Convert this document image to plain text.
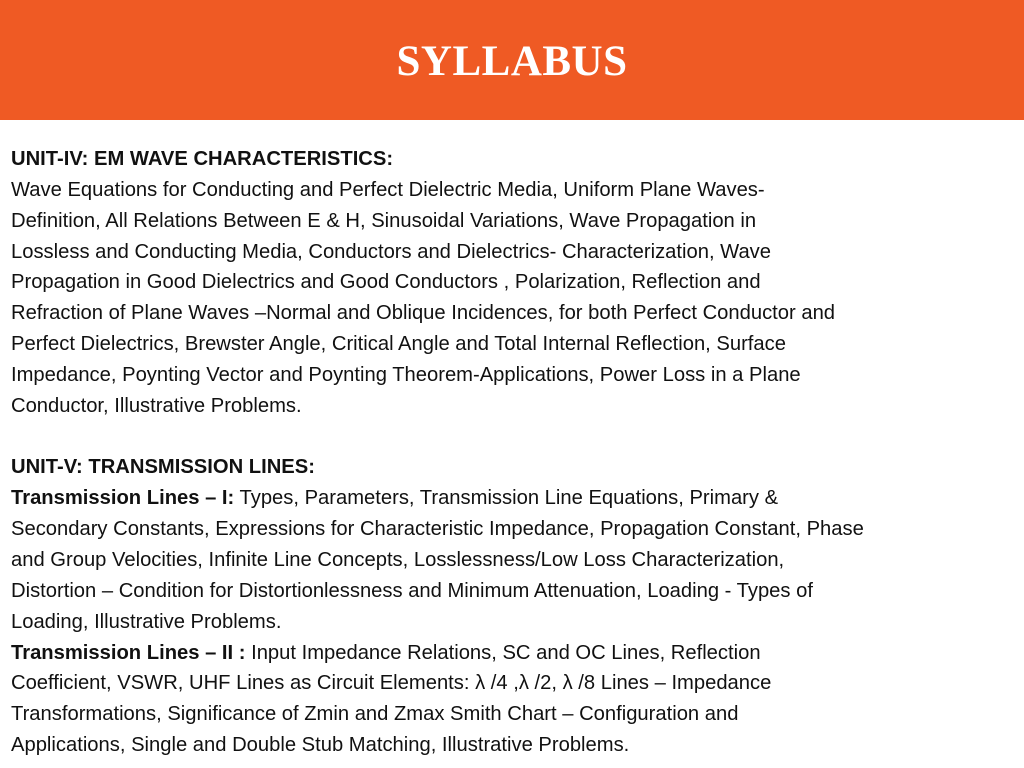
SYLLABUS
UNIT-IV: EM WAVE CHARACTERISTICS:
Wave Equations for Conducting and Perfect Dielectric Media, Uniform Plane Waves-
Definition, All Relations Between E & H, Sinusoidal Variations, Wave Propagation in
Lossless and Conducting Media, Conductors and Dielectrics- Characterization, Wave
Propagation in Good Dielectrics and Good Conductors , Polarization, Reflection and
Refraction of Plane Waves –Normal and Oblique Incidences, for both Perfect Conductor and
Perfect Dielectrics, Brewster Angle, Critical Angle and Total Internal Reflection, Surface
Impedance, Poynting Vector and Poynting Theorem-Applications, Power Loss in a Plane
Conductor, Illustrative Problems.
UNIT-V: TRANSMISSION LINES:
Transmission Lines – I: Types, Parameters, Transmission Line Equations, Primary &
Secondary Constants, Expressions for Characteristic Impedance, Propagation Constant, Phase
and Group Velocities, Infinite Line Concepts, Losslessness/Low Loss Characterization,
Distortion – Condition for Distortionlessness and Minimum Attenuation, Loading - Types of
Loading, Illustrative Problems.
Transmission Lines – II : Input Impedance Relations, SC and OC Lines, Reflection
Coefficient, VSWR, UHF Lines as Circuit Elements: λ /4 ,λ /2, λ /8 Lines – Impedance
Transformations, Significance of Zmin and Zmax Smith Chart – Configuration and
Applications, Single and Double Stub Matching, Illustrative Problems.
